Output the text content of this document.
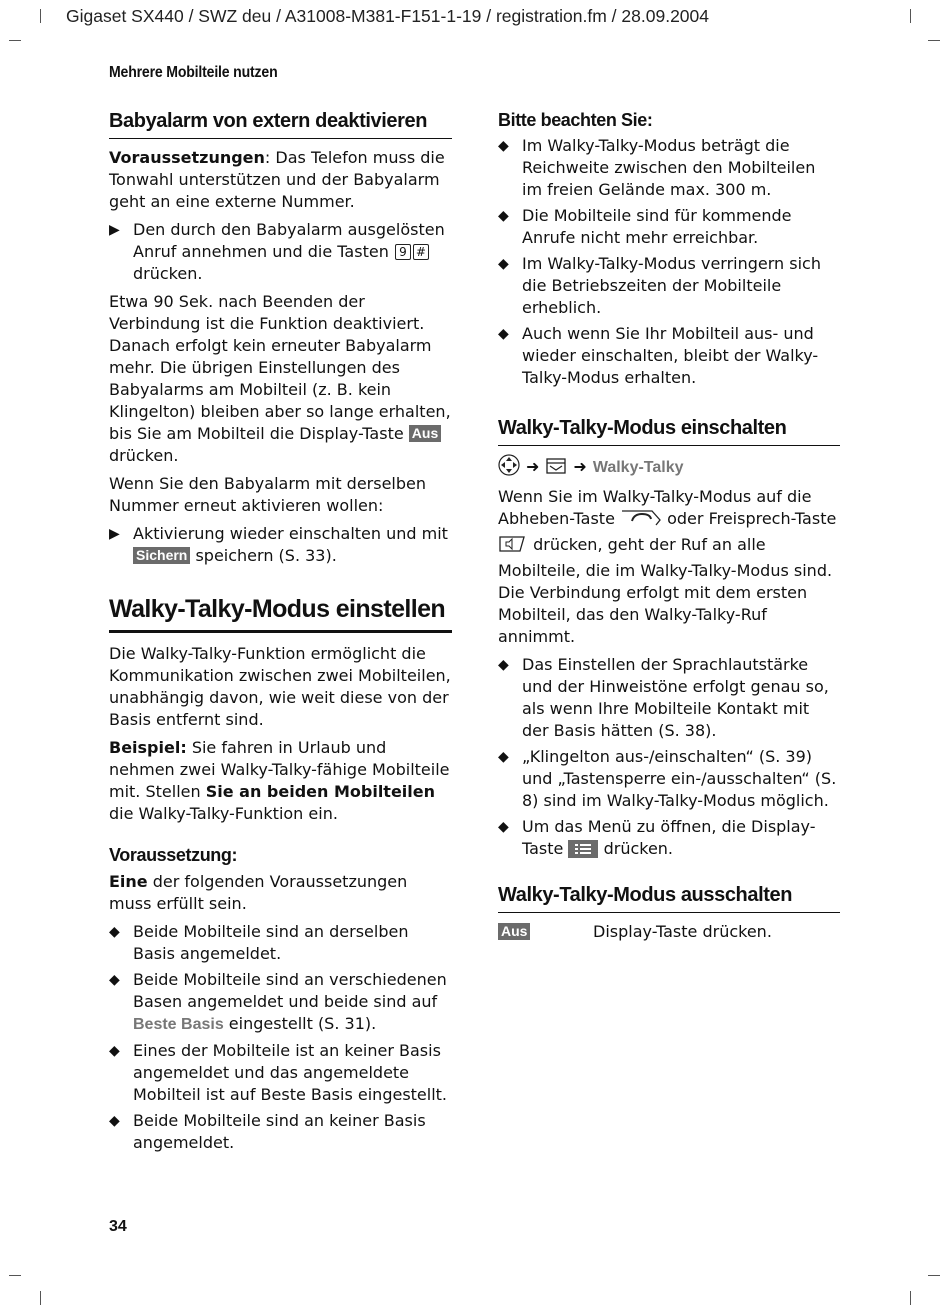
Gigaset SX440 / SWZ deu / A31008-M381-F151-1-19 / registration.fm / 28.09.2004
Mehrere Mobilteile nutzen
Babyalarm von extern deaktivieren

Voraussetzungen: Das Telefon muss die Tonwahl unterstützen und der Babyalarm geht an eine externe Nummer.

▶ Den durch den Babyalarm ausgelösten Anruf annehmen und die Tasten 9 # drücken.

Etwa 90 Sek. nach Beenden der Verbindung ist die Funktion deaktiviert. Danach erfolgt kein erneuter Babyalarm mehr. Die übrigen Einstellungen des Babyalarms am Mobilteil (z. B. kein Klingelton) bleiben aber so lange erhalten, bis Sie am Mobilteil die Display-Taste Aus drücken.

Wenn Sie den Babyalarm mit derselben Nummer erneut aktivieren wollen:

▶ Aktivierung wieder einschalten und mit Sichern speichern (S. 33).
Walky-Talky-Modus einstellen

Die Walky-Talky-Funktion ermöglicht die Kommunikation zwischen zwei Mobilteilen, unabhängig davon, wie weit diese von der Basis entfernt sind.

Beispiel: Sie fahren in Urlaub und nehmen zwei Walky-Talky-fähige Mobilteile mit. Stellen Sie an beiden Mobilteilen die Walky-Talky-Funktion ein.

Voraussetzung:

Eine der folgenden Voraussetzungen muss erfüllt sein.

◆ Beide Mobilteile sind an derselben Basis angemeldet.
◆ Beide Mobilteile sind an verschiedenen Basen angemeldet und beide sind auf Beste Basis eingestellt (S. 31).
◆ Eines der Mobilteile ist an keiner Basis angemeldet und das angemeldete Mobilteil ist auf Beste Basis eingestellt.
◆ Beide Mobilteile sind an keiner Basis angemeldet.
Bitte beachten Sie:
◆ Im Walky-Talky-Modus beträgt die Reichweite zwischen den Mobilteilen im freien Gelände max. 300 m.
◆ Die Mobilteile sind für kommende Anrufe nicht mehr erreichbar.
◆ Im Walky-Talky-Modus verringern sich die Betriebszeiten der Mobilteile erheblich.
◆ Auch wenn Sie Ihr Mobilteil aus- und wieder einschalten, bleibt der Walky-Talky-Modus erhalten.
Walky-Talky-Modus einschalten
➜ ➜ Walky-Talky

Wenn Sie im Walky-Talky-Modus auf die Abheben-Taste	oder Freisprech-Taste  drücken, geht der Ruf an alle Mobilteile, die im Walky-Talky-Modus sind. Die Verbindung erfolgt mit dem ersten Mobilteil, das den Walky-Talky-Ruf annimmt.

◆ Das Einstellen der Sprachlautstärke und der Hinweistöne erfolgt genau so, als wenn Ihre Mobilteile Kontakt mit der Basis hätten (S. 38).
◆ „Klingelton aus-/einschalten“ (S. 39) und „Tastensperre ein-/ausschalten“ (S. 8) sind im Walky-Talky-Modus möglich.
◆ Um das Menü zu öffnen, die Display-Taste	drücken.
Walky-Talky-Modus ausschalten
Aus	Display-Taste drücken.
34
